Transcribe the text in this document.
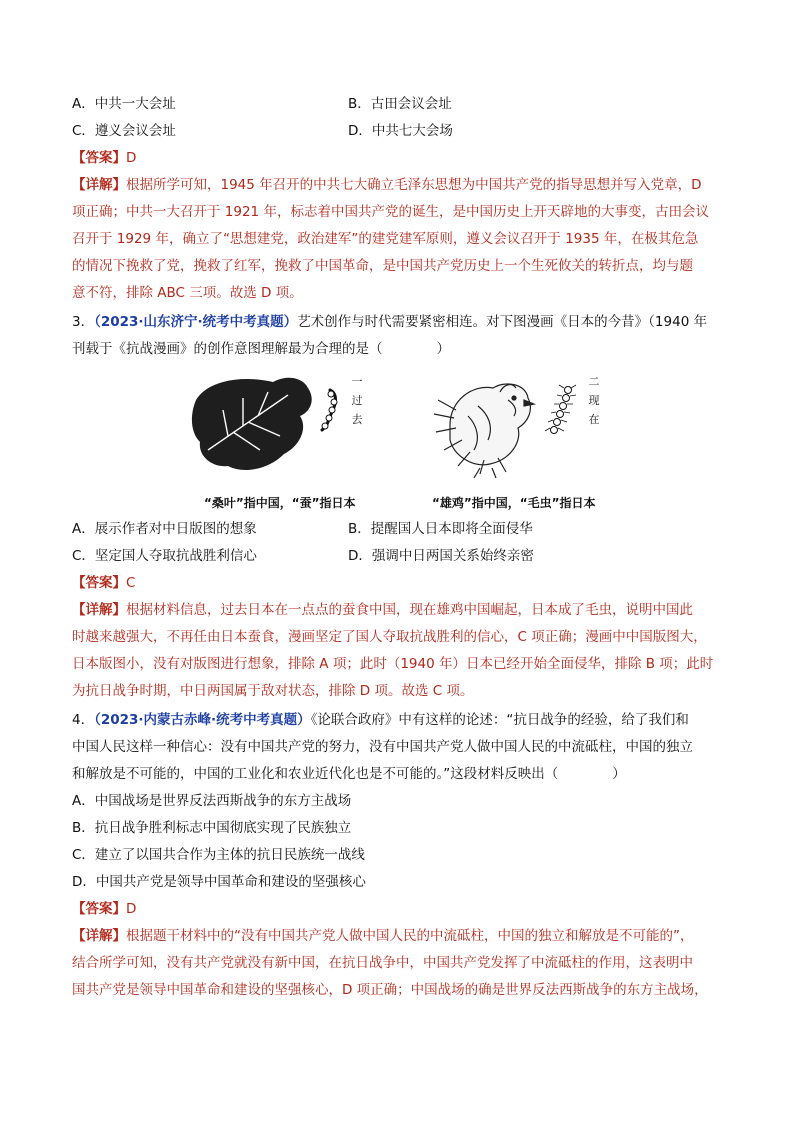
A．中共一大会址	B．古田会议会址
C．遵义会议会址	D．中共七大会场
【答案】D
【详解】根据所学可知，1945 年召开的中共七大确立毛泽东思想为中国共产党的指导思想并写入党章，D
项正确；中共一大召开于 1921 年，标志着中国共产党的诞生，是中国历史上开天辟地的大事变，古田会议
召开于 1929 年，确立了“思想建党，政治建军”的建党建军原则，遵义会议召开于 1935 年，在极其危急
的情况下挽救了党，挽救了红军，挽救了中国革命，是中国共产党历史上一个生死攸关的转折点，均与题
意不符，排除 ABC 三项。故选 D 项。
3．（2023·山东济宁·统考中考真题）艺术创作与时代需要紧密相连。对下图漫画《日本的今昔》（1940 年
刊载于《抗战漫画》的创作意图理解最为合理的是（　　　　）
一过去
二现在
“桑叶”指中国，“蚕”指日本	“雄鸡”指中国，“毛虫”指日本
A．展示作者对中日版图的想象	B．提醒国人日本即将全面侵华
C．坚定国人夺取抗战胜利信心	D．强调中日两国关系始终亲密
【答案】C
【详解】根据材料信息，过去日本在一点点的蚕食中国，现在雄鸡中国崛起，日本成了毛虫，说明中国此
时越来越强大，不再任由日本蚕食，漫画坚定了国人夺取抗战胜利的信心，C 项正确；漫画中中国版图大，
日本版图小，没有对版图进行想象，排除 A 项；此时（1940 年）日本已经开始全面侵华，排除 B 项；此时
为抗日战争时期，中日两国属于敌对状态，排除 D 项。故选 C 项。
4．（2023·内蒙古赤峰·统考中考真题）《论联合政府》中有这样的论述：“抗日战争的经验，给了我们和
中国人民这样一种信心：没有中国共产党的努力，没有中国共产党人做中国人民的中流砥柱，中国的独立
和解放是不可能的，中国的工业化和农业近代化也是不可能的。”这段材料反映出（　　　　）
A．中国战场是世界反法西斯战争的东方主战场
B．抗日战争胜利标志中国彻底实现了民族独立
C．建立了以国共合作为主体的抗日民族统一战线
D．中国共产党是领导中国革命和建设的坚强核心
【答案】D
【详解】根据题干材料中的“没有中国共产党人做中国人民的中流砥柱，中国的独立和解放是不可能的”，
结合所学可知，没有共产党就没有新中国，在抗日战争中，中国共产党发挥了中流砥柱的作用，这表明中
国共产党是领导中国革命和建设的坚强核心，D 项正确；中国战场的确是世界反法西斯战争的东方主战场，
